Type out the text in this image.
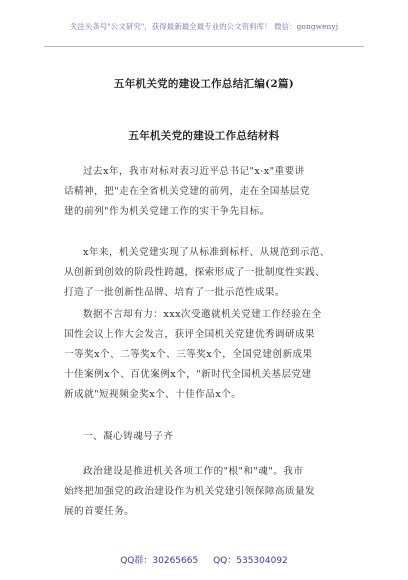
关注头条号"公文研究"，获得最新最全最专业的公文资料库！ 微信：gongwenyj
五年机关党的建设工作总结汇编(2篇)
五年机关党的建设工作总结材料
过去x年，我市对标对表习近平总书记"x·x"重要讲
话精神，把"走在全省机关党建的前列，走在全国基层党
建的前列"作为机关党建工作的实干争先目标。
x年来，机关党建实现了从标准到标杆、从规范到示范、
从创新到创效的阶段性跨越，探索形成了一批制度性实践、
打造了一批创新性品牌、培育了一批示范性成果。
数据不言却有力：xxx次受邀就机关党建工作经验在全
国性会议上作大会发言，获评全国机关党建优秀调研成果
一等奖x个、二等奖x个、三等奖x个，全国党建创新成果
十佳案例x个、百优案例x个，"新时代全国机关基层党建
新成就"短视频金奖x个、十佳作品x个。
一、凝心铸魂号子齐
政治建设是推进机关各项工作的"根"和"魂"。我市
始终把加强党的政治建设作为机关党建引领保障高质量发
展的首要任务。
QQ群：30265665 QQ：535304092
